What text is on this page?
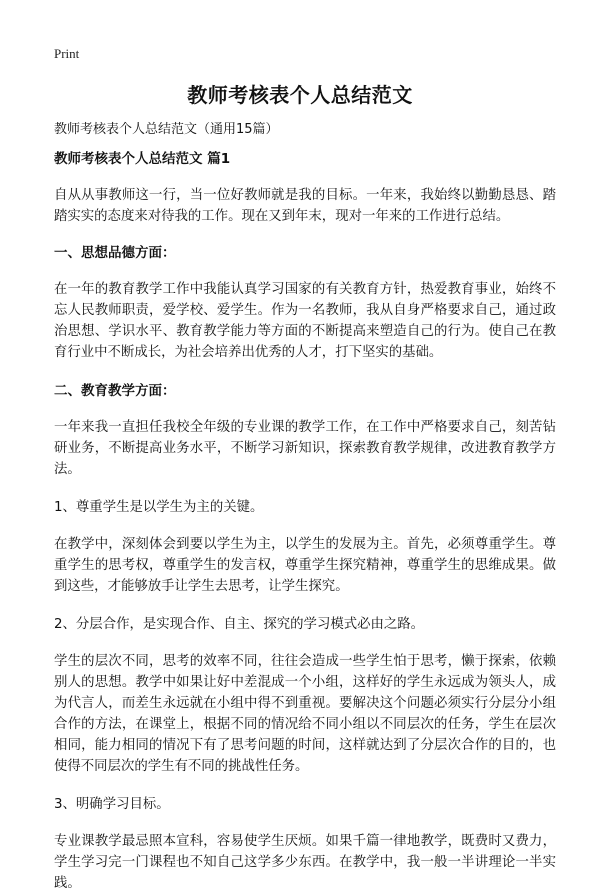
Print
教师考核表个人总结范文

教师考核表个人总结范文（通用15篇）

教师考核表个人总结范文 篇1

自从从事教师这一行，当一位好教师就是我的目标。一年来，我始终以勤勤恳恳、踏踏实实的态度来对待我的工作。现在又到年末，现对一年来的工作进行总结。

一、思想品德方面：

在一年的教育教学工作中我能认真学习国家的有关教育方针，热爱教育事业，始终不忘人民教师职责，爱学校、爱学生。作为一名教师，我从自身严格要求自己，通过政治思想、学识水平、教育教学能力等方面的不断提高来塑造自己的行为。使自己在教育行业中不断成长，为社会培养出优秀的人才，打下坚实的基础。

二、教育教学方面：

一年来我一直担任我校全年级的专业课的教学工作，在工作中严格要求自己，刻苦钻研业务，不断提高业务水平，不断学习新知识，探索教育教学规律，改进教育教学方法。

1、尊重学生是以学生为主的关键。

在教学中，深刻体会到要以学生为主，以学生的发展为主。首先，必须尊重学生。尊重学生的思考权，尊重学生的发言权，尊重学生探究精神，尊重学生的思维成果。做到这些，才能够放手让学生去思考，让学生探究。

2、分层合作，是实现合作、自主、探究的学习模式必由之路。

学生的层次不同，思考的效率不同，往往会造成一些学生怕于思考，懒于探索，依赖别人的思想。教学中如果让好中差混成一个小组，这样好的学生永远成为领头人，成为代言人，而差生永远就在小组中得不到重视。要解决这个问题必须实行分层分小组合作的方法，在课堂上，根据不同的情况给不同小组以不同层次的任务，学生在层次相同，能力相同的情况下有了思考问题的时间，这样就达到了分层次合作的目的，也使得不同层次的学生有不同的挑战性任务。

3、明确学习目标。

专业课教学最忌照本宣科，容易使学生厌烦。如果千篇一律地教学，既费时又费力，学生学习完一门课程也不知自己这学多少东西。在教学中，我一般一半讲理论一半实践。
